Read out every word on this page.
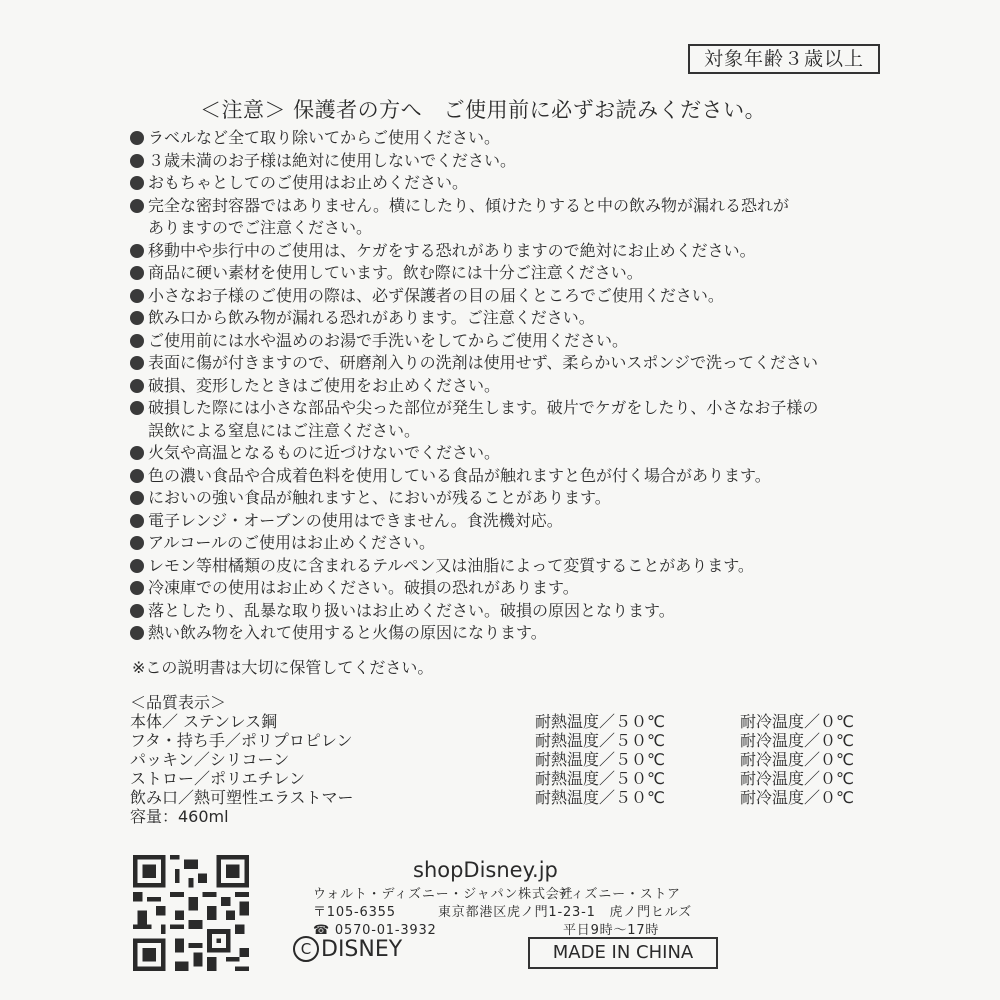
対象年齢３歳以上
＜注意＞ 保護者の方へ　ご使用前に必ずお読みください。
ラベルなど全て取り除いてからご使用ください。
３歳未満のお子様は絶対に使用しないでください。
おもちゃとしてのご使用はお止めください。
完全な密封容器ではありません。横にしたり、傾けたりすると中の飲み物が漏れる恐れが
ありますのでご注意ください。
移動中や歩行中のご使用は、ケガをする恐れがありますので絶対にお止めください。
商品に硬い素材を使用しています。飲む際には十分ご注意ください。
小さなお子様のご使用の際は、必ず保護者の目の届くところでご使用ください。
飲み口から飲み物が漏れる恐れがあります。ご注意ください。
ご使用前には水や温めのお湯で手洗いをしてからご使用ください。
表面に傷が付きますので、研磨剤入りの洗剤は使用せず、柔らかいスポンジで洗ってください
破損、変形したときはご使用をお止めください。
破損した際には小さな部品や尖った部位が発生します。破片でケガをしたり、小さなお子様の
誤飲による窒息にはご注意ください。
火気や高温となるものに近づけないでください。
色の濃い食品や合成着色料を使用している食品が触れますと色が付く場合があります。
においの強い食品が触れますと、においが残ることがあります。
電子レンジ・オーブンの使用はできません。食洗機対応。
アルコールのご使用はお止めください。
レモン等柑橘類の皮に含まれるテルペン又は油脂によって変質することがあります。
冷凍庫での使用はお止めください。破損の恐れがあります。
落としたり、乱暴な取り扱いはお止めください。破損の原因となります。
熱い飲み物を入れて使用すると火傷の原因になります。
※この説明書は大切に保管してください。
＜品質表示＞
本体／ ステンレス鋼	耐熱温度／５０℃	耐冷温度／０℃
フタ・持ち手／ポリプロピレン	耐熱温度／５０℃	耐冷温度／０℃
パッキン／シリコーン	耐熱温度／５０℃	耐冷温度／０℃
ストロー／ポリエチレン	耐熱温度／５０℃	耐冷温度／０℃
飲み口／熱可塑性エラストマー	耐熱温度／５０℃	耐冷温度／０℃
容量：460ml
shopDisney.jp
ウォルト・ディズニー・ジャパン株式会社
ディズニー・ストア
〒105-6355	東京都港区虎ノ門1-23-1　虎ノ門ヒルズ
☎ 0570-01-3932	平日9時～17時
C DISNEY	MADE IN CHINA
